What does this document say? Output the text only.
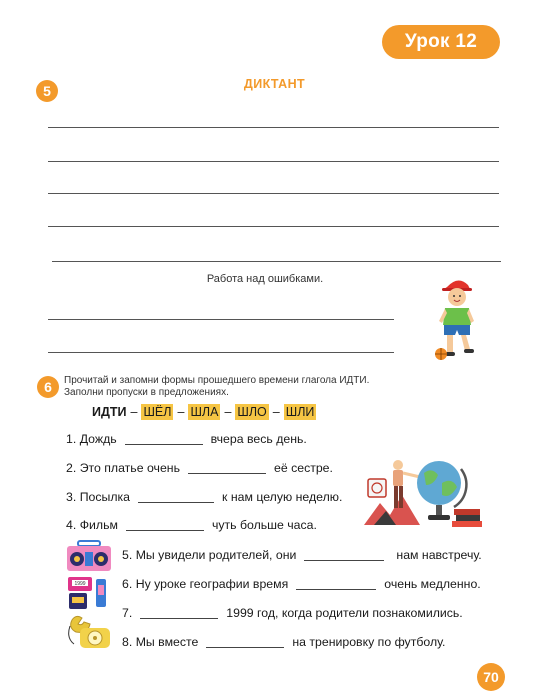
Урок 12
5	ДИКТАНТ
Работа над ошибками.
6	Прочитай и запомни формы прошедшего времени глагола ИДТИ.
Заполни пропуски в предложениях.
ИДТИ – ШЁЛ – ШЛА – ШЛО – ШЛИ
1.
Дождь	вчера весь день.
2.
Это платье очень	её сестре.
3.
Посылка	к нам целую неделю.
4.
Фильм	чуть больше часа.
5.
Мы увидели родителей, они	нам навстречу.
6.
Ну уроке географии время	очень медленно.
7.	1999 год, когда родители познакомились.
8.
Мы вместе	на тренировку по футболу.
1999
70
